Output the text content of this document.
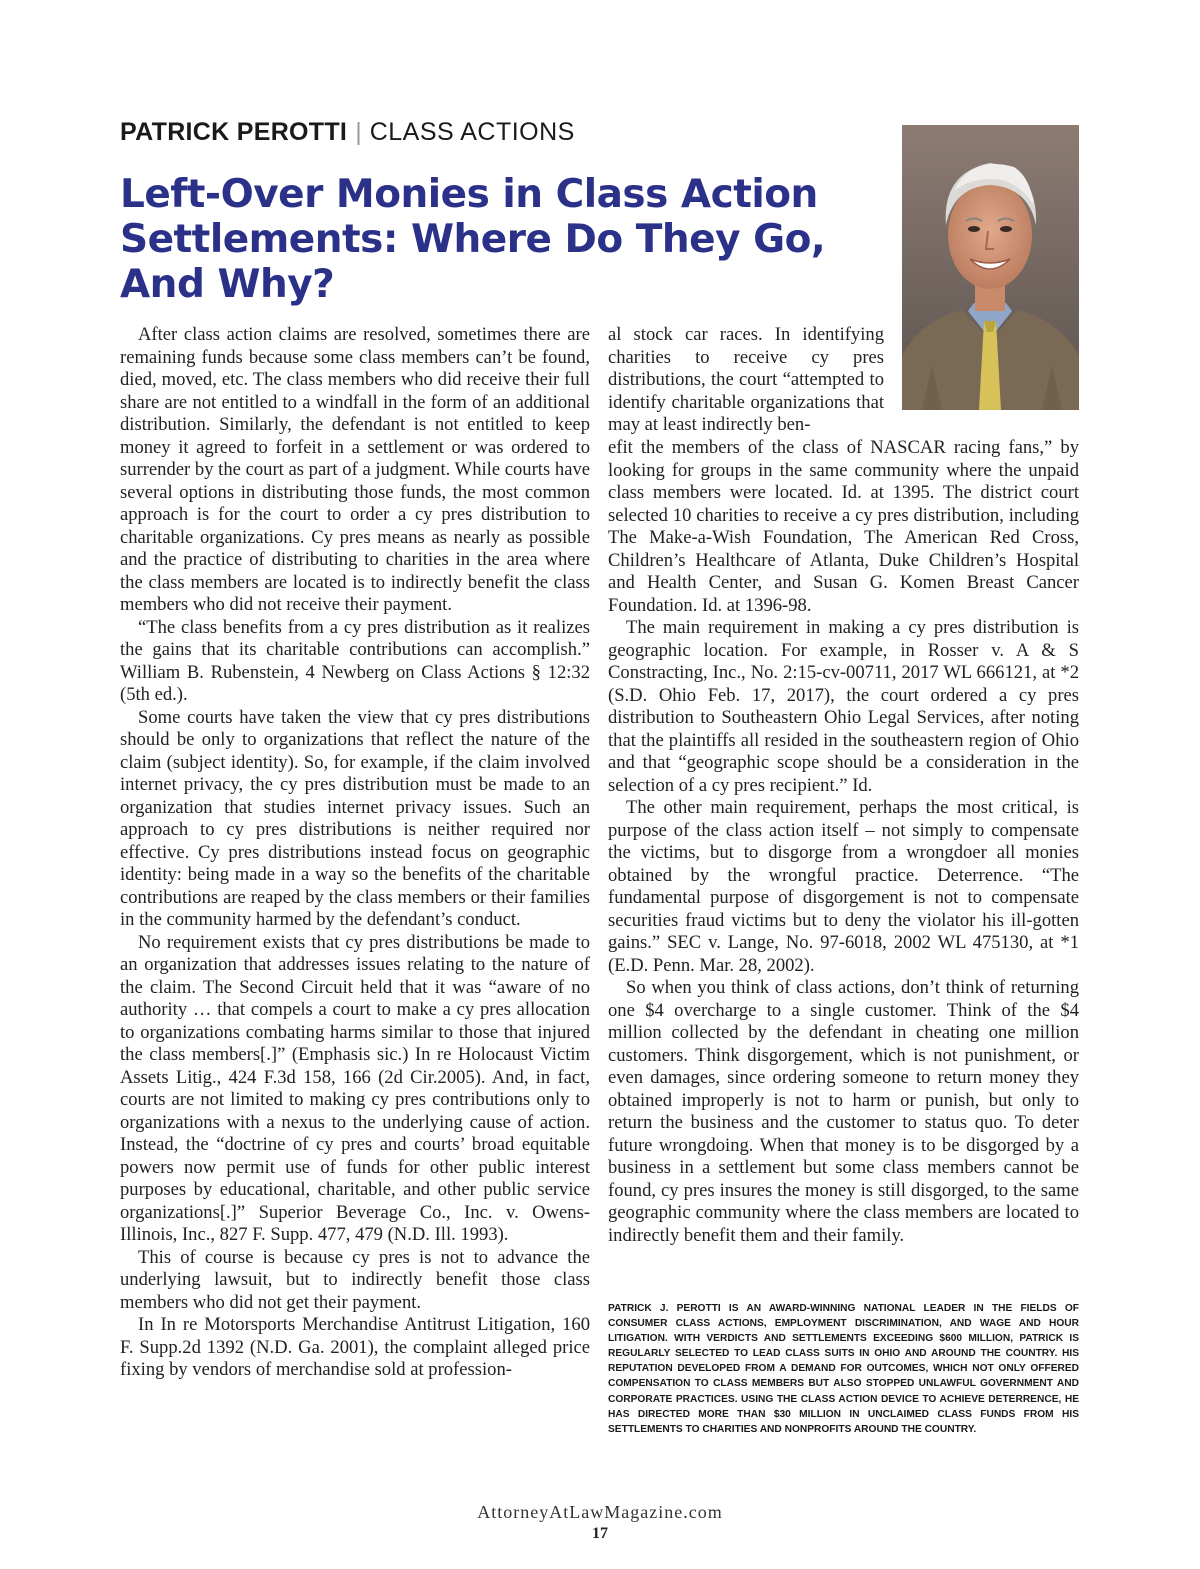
PATRICK PEROTTI | CLASS ACTIONS
Left-Over Monies in Class Action Settlements: Where Do They Go, And Why?

After class action claims are resolved, sometimes there are remaining funds because some class members can’t be found, died, moved, etc. The class members who did receive their full share are not entitled to a windfall in the form of an additional distribution. Similarly, the defendant is not entitled to keep money it agreed to forfeit in a settlement or was ordered to surrender by the court as part of a judgment. While courts have several options in distributing those funds, the most common approach is for the court to order a cy pres distribution to charitable organizations. Cy pres means as nearly as possible and the practice of distributing to charities in the area where the class members are located is to indirectly benefit the class members who did not receive their payment.

“The class benefits from a cy pres distribution as it realizes the gains that its charitable contributions can accomplish.” William B. Rubenstein, 4 Newberg on Class Actions § 12:32 (5th ed.).

Some courts have taken the view that cy pres distributions should be only to organizations that reflect the nature of the claim (subject identity). So, for example, if the claim involved internet privacy, the cy pres distribution must be made to an organization that studies internet privacy issues. Such an approach to cy pres distributions is neither required nor effective. Cy pres distributions instead focus on geographic identity: being made in a way so the benefits of the charitable contributions are reaped by the class members or their families in the community harmed by the defendant’s conduct.

No requirement exists that cy pres distributions be made to an organization that addresses issues relating to the nature of the claim. The Second Circuit held that it was “aware of no authority … that compels a court to make a cy pres allocation to organizations combating harms similar to those that injured the class members[.]” (Emphasis sic.) In re Holocaust Victim Assets Litig., 424 F.3d 158, 166 (2d Cir.2005). And, in fact, courts are not limited to making cy pres contributions only to organizations with a nexus to the underlying cause of action. Instead, the “doctrine of cy pres and courts’ broad equitable powers now permit use of funds for other public interest purposes by educational, charitable, and other public service organizations[.]” Superior Beverage Co., Inc. v. Owens-Illinois, Inc., 827 F. Supp. 477, 479 (N.D. Ill. 1993).

This of course is because cy pres is not to advance the underlying lawsuit, but to indirectly benefit those class members who did not get their payment.

In In re Motorsports Merchandise Antitrust Litigation, 160 F. Supp.2d 1392 (N.D. Ga. 2001), the complaint alleged price fixing by vendors of merchandise sold at profession-

al stock car races. In identifying charities to receive cy pres distributions, the court “attempted to identify charitable organizations that may at least indirectly ben-

efit the members of the class of NASCAR racing fans,” by looking for groups in the same community where the unpaid class members were located. Id. at 1395. The district court selected 10 charities to receive a cy pres distribution, including The Make-a-Wish Foundation, The American Red Cross, Children’s Healthcare of Atlanta, Duke Children’s Hospital and Health Center, and Susan G. Komen Breast Cancer Foundation. Id. at 1396-98.

The main requirement in making a cy pres distribution is geographic location. For example, in Rosser v. A & S Constracting, Inc., No. 2:15-cv-00711, 2017 WL 666121, at *2 (S.D. Ohio Feb. 17, 2017), the court ordered a cy pres distribution to Southeastern Ohio Legal Services, after noting that the plaintiffs all resided in the southeastern region of Ohio and that “geographic scope should be a consideration in the selection of a cy pres recipient.” Id.

The other main requirement, perhaps the most critical, is purpose of the class action itself – not simply to compensate the victims, but to disgorge from a wrongdoer all monies obtained by the wrongful practice. Deterrence. “The fundamental purpose of disgorgement is not to compensate securities fraud victims but to deny the violator his ill-gotten gains.” SEC v. Lange, No. 97-6018, 2002 WL 475130, at *1 (E.D. Penn. Mar. 28, 2002).

So when you think of class actions, don’t think of returning one $4 overcharge to a single customer. Think of the $4 million collected by the defendant in cheating one million customers. Think disgorgement, which is not punishment, or even damages, since ordering someone to return money they obtained improperly is not to harm or punish, but only to return the business and the customer to status quo. To deter future wrongdoing. When that money is to be disgorged by a business in a settlement but some class members cannot be found, cy pres insures the money is still disgorged, to the same geographic community where the class members are located to indirectly benefit them and their family.

PATRICK J. PEROTTI IS AN AWARD-WINNING NATIONAL LEADER IN THE FIELDS OF CONSUMER CLASS ACTIONS, EMPLOYMENT DISCRIMINATION, AND WAGE AND HOUR LITIGATION. WITH VERDICTS AND SETTLEMENTS EXCEEDING $600 MILLION, PATRICK IS REGULARLY SELECTED TO LEAD CLASS SUITS IN OHIO AND AROUND THE COUNTRY. HIS REPUTATION DEVELOPED FROM A DEMAND FOR OUTCOMES, WHICH NOT ONLY OFFERED COMPENSATION TO CLASS MEMBERS BUT ALSO STOPPED UNLAWFUL GOVERNMENT AND CORPORATE PRACTICES. USING THE CLASS ACTION DEVICE TO ACHIEVE DETERRENCE, HE HAS DIRECTED MORE THAN $30 MILLION IN UNCLAIMED CLASS FUNDS FROM HIS SETTLEMENTS TO CHARITIES AND NONPROFITS AROUND THE COUNTRY.

AttorneyAtLawMagazine.com
17
